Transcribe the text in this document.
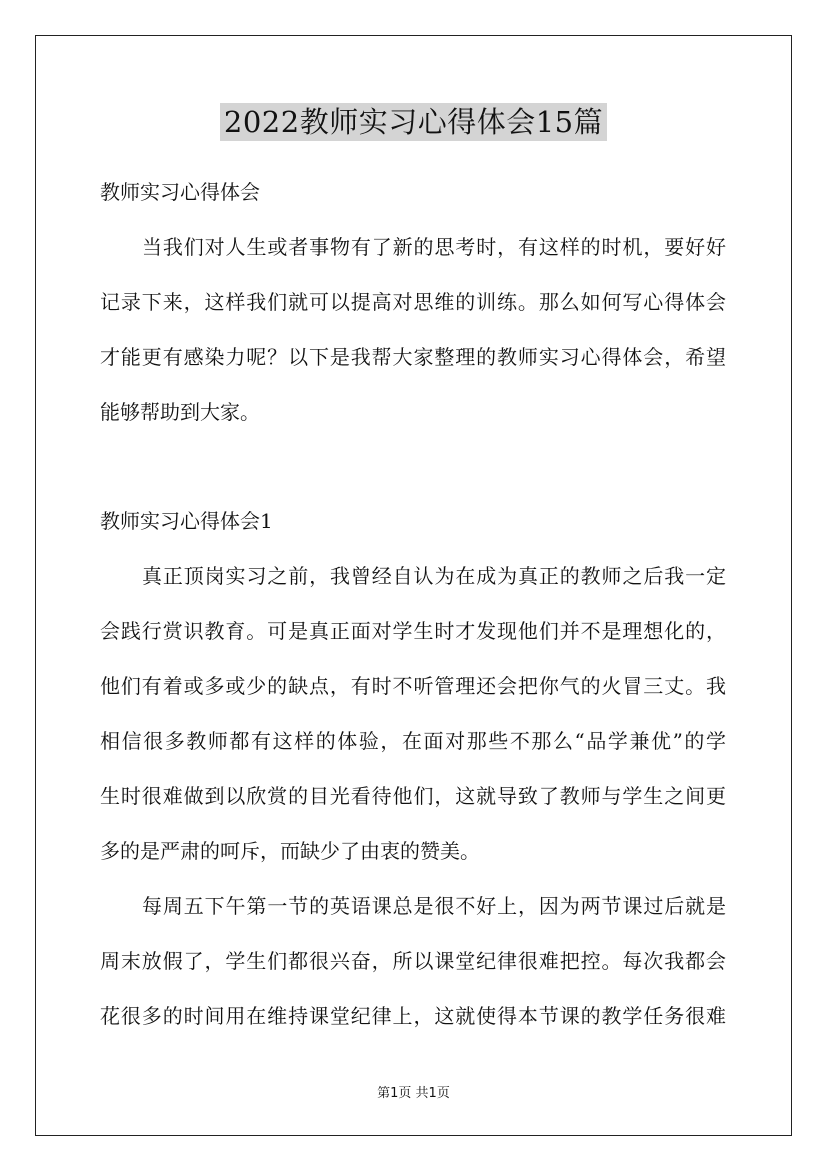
2022教师实习心得体会15篇
教师实习心得体会
当我们对人生或者事物有了新的思考时，有这样的时机，要好好
记录下来，这样我们就可以提高对思维的训练。那么如何写心得体会
才能更有感染力呢？以下是我帮大家整理的教师实习心得体会，希望
能够帮助到大家。
教师实习心得体会1
真正顶岗实习之前，我曾经自认为在成为真正的教师之后我一定
会践行赏识教育。可是真正面对学生时才发现他们并不是理想化的，
他们有着或多或少的缺点，有时不听管理还会把你气的火冒三丈。我
相信很多教师都有这样的体验，在面对那些不那么“品学兼优”的学
生时很难做到以欣赏的目光看待他们，这就导致了教师与学生之间更
多的是严肃的呵斥，而缺少了由衷的赞美。
每周五下午第一节的英语课总是很不好上，因为两节课过后就是
周末放假了，学生们都很兴奋，所以课堂纪律很难把控。每次我都会
花很多的时间用在维持课堂纪律上，这就使得本节课的教学任务很难
第1页 共1页
